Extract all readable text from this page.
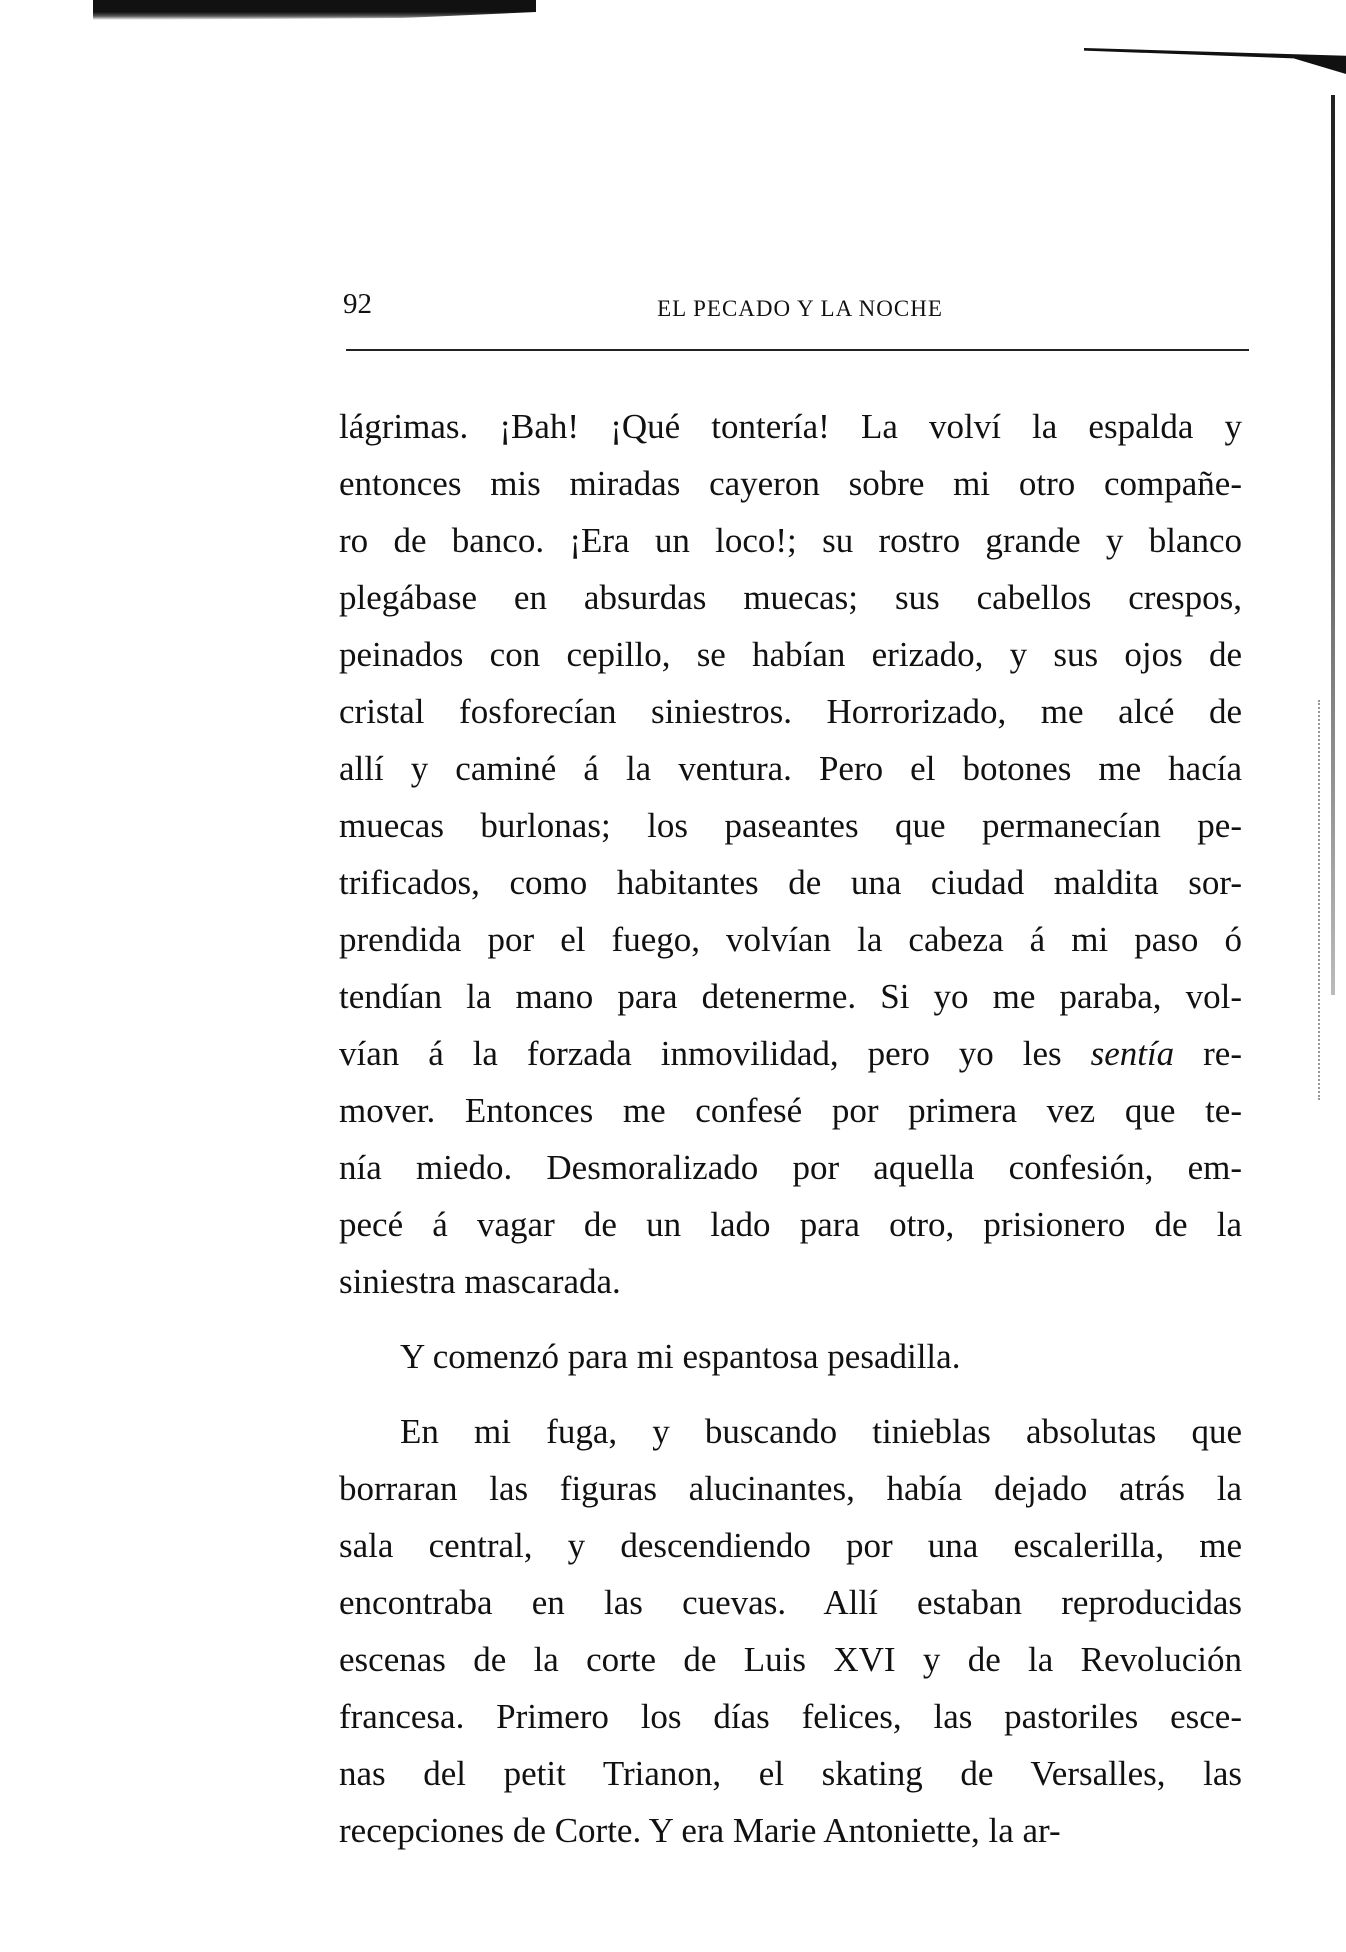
92	EL PECADO Y LA NOCHE
lágrimas. ¡Bah! ¡Qué tontería! La volví la espalda y
entonces mis miradas cayeron sobre mi otro compañe-
ro de banco. ¡Era un loco!; su rostro grande y blanco
plegábase en absurdas muecas; sus cabellos crespos,
peinados con cepillo, se habían erizado, y sus ojos de
cristal fosforecían siniestros. Horrorizado, me alcé de
allí y caminé á la ventura. Pero el botones me hacía
muecas burlonas; los paseantes que permanecían pe-
trificados, como habitantes de una ciudad maldita sor-
prendida por el fuego, volvían la cabeza á mi paso ó
tendían la mano para detenerme. Si yo me paraba, vol-
vían á la forzada inmovilidad, pero yo les sentía re-
mover. Entonces me confesé por primera vez que te-
nía miedo. Desmoralizado por aquella confesión, em-
pecé á vagar de un lado para otro, prisionero de la
siniestra mascarada.
Y comenzó para mi espantosa pesadilla.
En mi fuga, y buscando tinieblas absolutas que
borraran las figuras alucinantes, había dejado atrás la
sala central, y descendiendo por una escalerilla, me
encontraba en las cuevas. Allí estaban reproducidas
escenas de la corte de Luis XVI y de la Revolución
francesa. Primero los días felices, las pastoriles esce-
nas del petit Trianon, el skating de Versalles, las
recepciones de Corte. Y era Marie Antoniette, la ar-
